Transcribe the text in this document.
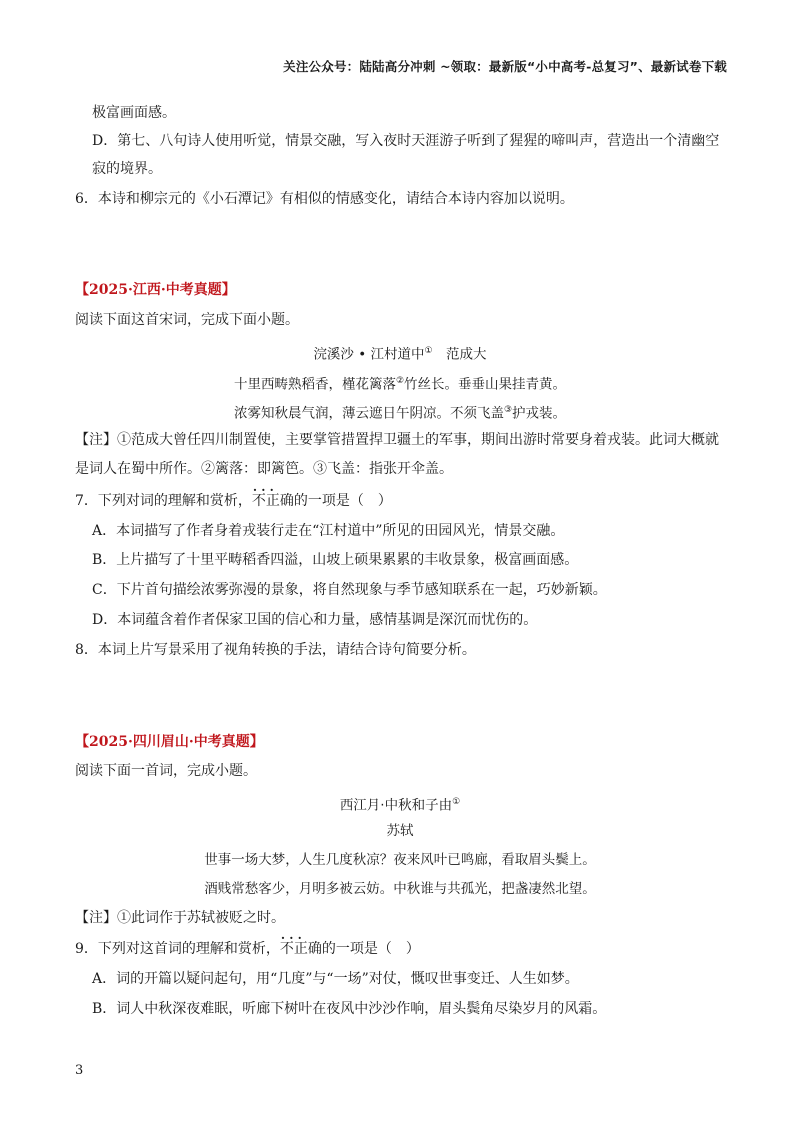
关注公众号：陆陆高分冲刺 ~领取：最新版“小中高考-总复习”、最新试卷下载
极富画面感。
D．第七、八句诗人使用听觉，情景交融，写入夜时天涯游子听到了猩猩的啼叫声，营造出一个清幽空
寂的境界。
6．本诗和柳宗元的《小石潭记》有相似的情感变化，请结合本诗内容加以说明。
【2025·江西·中考真题】
阅读下面这首宋词，完成下面小题。
浣溪沙 • 江村道中①　范成大
十里西畴熟稻香，槿花篱落②竹丝长。垂垂山果挂青黄。
浓雾知秋晨气润，薄云遮日午阴凉。不须飞盖③护戎装。
【注】①范成大曾任四川制置使，主要掌管措置捍卫疆土的军事，期间出游时常要身着戎装。此词大概就
是词人在蜀中所作。②篱落：即篱笆。③飞盖：指张开伞盖。
7．下列对词的理解和赏析，· · · 不正确的一项是（　）
A．本词描写了作者身着戎装行走在“江村道中”所见的田园风光，情景交融。
B．上片描写了十里平畴稻香四溢，山坡上硕果累累的丰收景象，极富画面感。
C．下片首句描绘浓雾弥漫的景象，将自然现象与季节感知联系在一起，巧妙新颖。
D．本词蕴含着作者保家卫国的信心和力量，感情基调是深沉而忧伤的。
8．本词上片写景采用了视角转换的手法，请结合诗句简要分析。
【2025·四川眉山·中考真题】
阅读下面一首词，完成小题。
西江月·中秋和子由①
苏轼
世事一场大梦，人生几度秋凉？夜来风叶已鸣廊，看取眉头鬓上。
酒贱常愁客少，月明多被云妨。中秋谁与共孤光，把盏凄然北望。
【注】①此词作于苏轼被贬之时。
9．下列对这首词的理解和赏析，· · · 不正确的一项是（　）
A．词的开篇以疑问起句，用“几度”与“一场”对仗，慨叹世事变迁、人生如梦。
B．词人中秋深夜难眠，听廊下树叶在夜风中沙沙作响，眉头鬓角尽染岁月的风霜。
3
